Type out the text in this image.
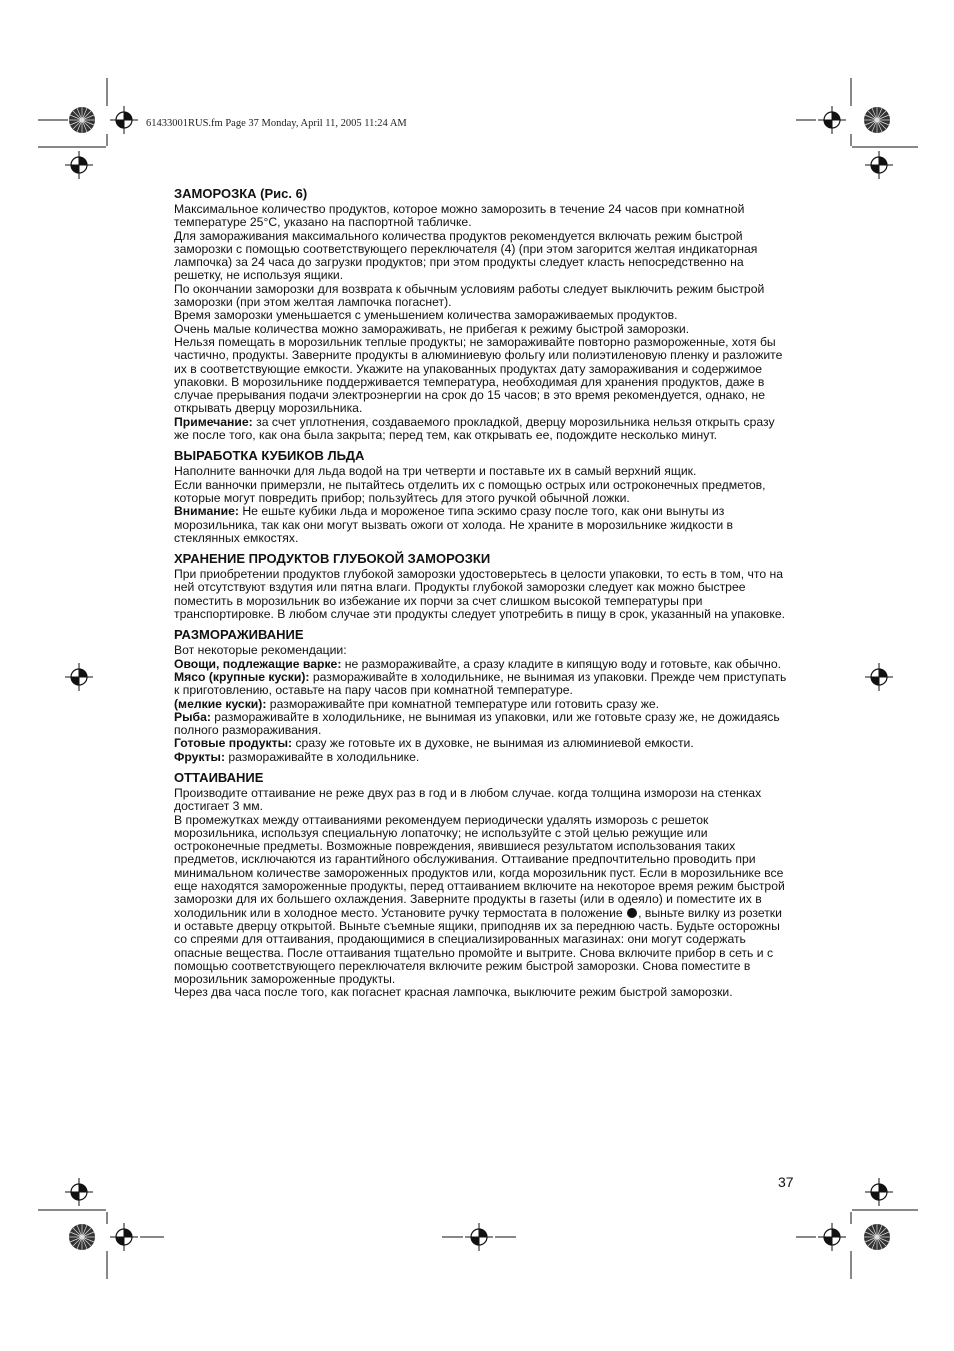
61433001RUS.fm Page 37 Monday, April 11, 2005 11:24 AM
ЗАМОРОЗКА (Рис. 6)

Максимальное количество продуктов, которое можно заморозить в течение 24 часов при комнатной температуре 25°С, указано на паспортной табличке.

Для замораживания максимального количества продуктов рекомендуется включать режим быстрой заморозки с помощью соответствующего переключателя (4) (при этом загорится желтая индикаторная лампочка) за 24 часа до загрузки продуктов; при этом продукты следует класть непосредственно на решетку, не используя ящики.

По окончании заморозки для возврата к обычным условиям работы следует выключить режим быстрой заморозки (при этом желтая лампочка погаснет).

Время заморозки уменьшается с уменьшением количества замораживаемых продуктов.

Очень малые количества можно замораживать, не прибегая к режиму быстрой заморозки.

Нельзя помещать в морозильник теплые продукты; не замораживайте повторно размороженные, хотя бы частично, продукты. Заверните продукты в алюминиевую фольгу или полиэтиленовую пленку и разложите их в соответствующие емкости. Укажите на упакованных продуктах дату замораживания и содержимое упаковки. В морозильнике поддерживается температура, необходимая для хранения продуктов, даже в случае прерывания подачи электроэнергии на срок до 15 часов; в это время рекомендуется, однако, не открывать дверцу морозильника.

Примечание: за счет уплотнения, создаваемого прокладкой, дверцу морозильника нельзя открыть сразу же после того, как она была закрыта; перед тем, как открывать ее, подождите несколько минут.

ВЫРАБОТКА КУБИКОВ ЛЬДА

Наполните ванночки для льда водой на три четверти и поставьте их в самый верхний ящик.

Если ванночки примерзли, не пытайтесь отделить их с помощью острых или остроконечных предметов, которые могут повредить прибор; пользуйтесь для этого ручкой обычной ложки.

Внимание: Не ешьте кубики льда и мороженое типа эскимо сразу после того, как они вынуты из морозильника, так как они могут вызвать ожоги от холода. Не храните в морозильнике жидкости в стеклянных емкостях.

ХРАНЕНИЕ ПРОДУКТОВ ГЛУБОКОЙ ЗАМОРОЗКИ

При приобретении продуктов глубокой заморозки удостоверьтесь в целости упаковки, то есть в том, что на ней отсутствуют вздутия или пятна влаги. Продукты глубокой заморозки следует как можно быстрее поместить в морозильник во избежание их порчи за счет слишком высокой температуры при транспортировке. В любом случае эти продукты следует употребить в пищу в срок, указанный на упаковке.

РАЗМОРАЖИВАНИЕ

Вот некоторые рекомендации:

Овощи, подлежащие варке: не размораживайте, а сразу кладите в кипящую воду и готовьте, как обычно.

Мясо (крупные куски): размораживайте в холодильнике, не вынимая из упаковки. Прежде чем приступать к приготовлению, оставьте на пару часов при комнатной температуре.

(мелкие куски): размораживайте при комнатной температуре или готовить сразу же.

Рыба: размораживайте в холодильнике, не вынимая из упаковки, или же готовьте сразу же, не дожидаясь полного размораживания.

Готовые продукты: сразу же готовьте их в духовке, не вынимая из алюминиевой емкости.

Фрукты: размораживайте в холодильнике.

ОТТАИВАНИЕ

Производите оттаивание не реже двух раз в год и в любом случае. когда толщина изморози на стенках достигает 3 мм.

В промежутках между оттаиваниями рекомендуем периодически удалять изморозь с решеток морозильника, используя специальную лопаточку; не используйте с этой целью режущие или остроконечные предметы. Возможные повреждения, явившиеся результатом использования таких предметов, исключаются из гарантийного обслуживания. Оттаивание предпочтительно проводить при минимальном количестве замороженных продуктов или, когда морозильник пуст. Если в морозильнике все еще находятся замороженные продукты, перед оттаиванием включите на некоторое время режим быстрой заморозки для их большего охлаждения. Заверните продукты в газеты (или в одеяло) и поместите их в холодильник или в холодное место. Установите ручку термостата в положение , выньте вилку из розетки и оставьте дверцу открытой. Выньте съемные ящики, приподняв их за переднюю часть. Будьте осторожны со спреями для оттаивания, продающимися в специализированных магазинах: они могут содержать опасные вещества. После оттаивания тщательно промойте и вытрите. Снова включите прибор в сеть и с помощью соответствующего переключателя включите режим быстрой заморозки. Снова поместите в морозильник замороженные продукты.

Через два часа после того, как погаснет красная лампочка, выключите режим быстрой заморозки.

37
